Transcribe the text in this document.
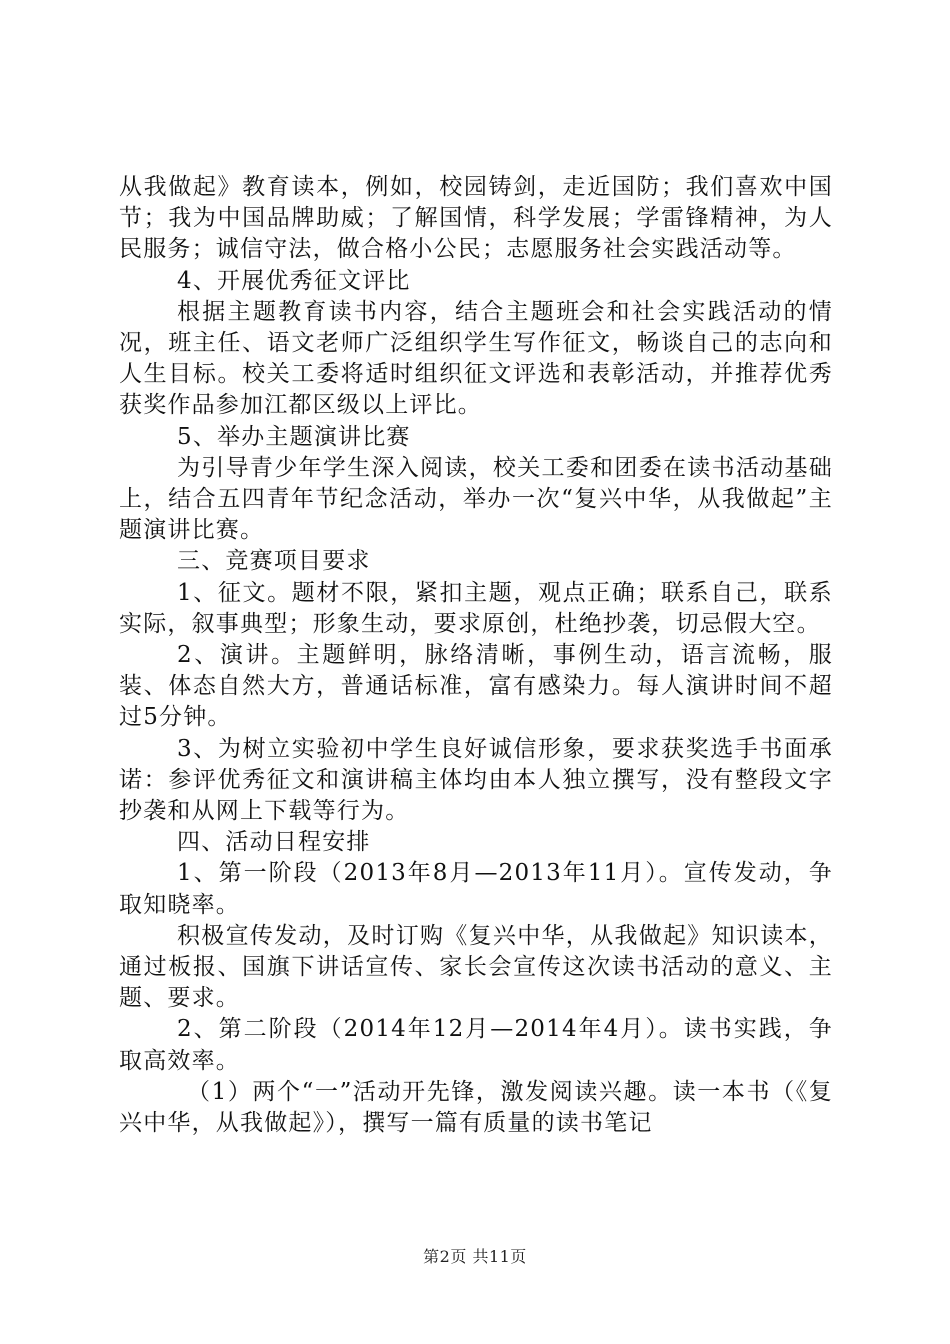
从我做起》教育读本，例如，校园铸剑，走近国防；我们喜欢中国节；我为中国品牌助威；了解国情，科学发展；学雷锋精神，为人民服务；诚信守法，做合格小公民；志愿服务社会实践活动等。

4、开展优秀征文评比

根据主题教育读书内容，结合主题班会和社会实践活动的情况，班主任、语文老师广泛组织学生写作征文，畅谈自己的志向和人生目标。校关工委将适时组织征文评选和表彰活动，并推荐优秀获奖作品参加江都区级以上评比。

5、举办主题演讲比赛

为引导青少年学生深入阅读，校关工委和团委在读书活动基础上，结合五四青年节纪念活动，举办一次“复兴中华，从我做起”主题演讲比赛。

三、竞赛项目要求

1、征文。题材不限，紧扣主题，观点正确；联系自己，联系实际，叙事典型；形象生动，要求原创，杜绝抄袭，切忌假大空。

2、演讲。主题鲜明，脉络清晰，事例生动，语言流畅，服装、体态自然大方，普通话标准，富有感染力。每人演讲时间不超过5分钟。

3、为树立实验初中学生良好诚信形象，要求获奖选手书面承诺：参评优秀征文和演讲稿主体均由本人独立撰写，没有整段文字抄袭和从网上下载等行为。

四、活动日程安排

1、第一阶段（2013年8月—2013年11月）。宣传发动，争取知晓率。

积极宣传发动，及时订购《复兴中华，从我做起》知识读本，通过板报、国旗下讲话宣传、家长会宣传这次读书活动的意义、主题、要求。

2、第二阶段（2014年12月—2014年4月）。读书实践，争取高效率。

（1）两个“一”活动开先锋，激发阅读兴趣。读一本书（《复兴中华，从我做起》），撰写一篇有质量的读书笔记

第2页 共11页
